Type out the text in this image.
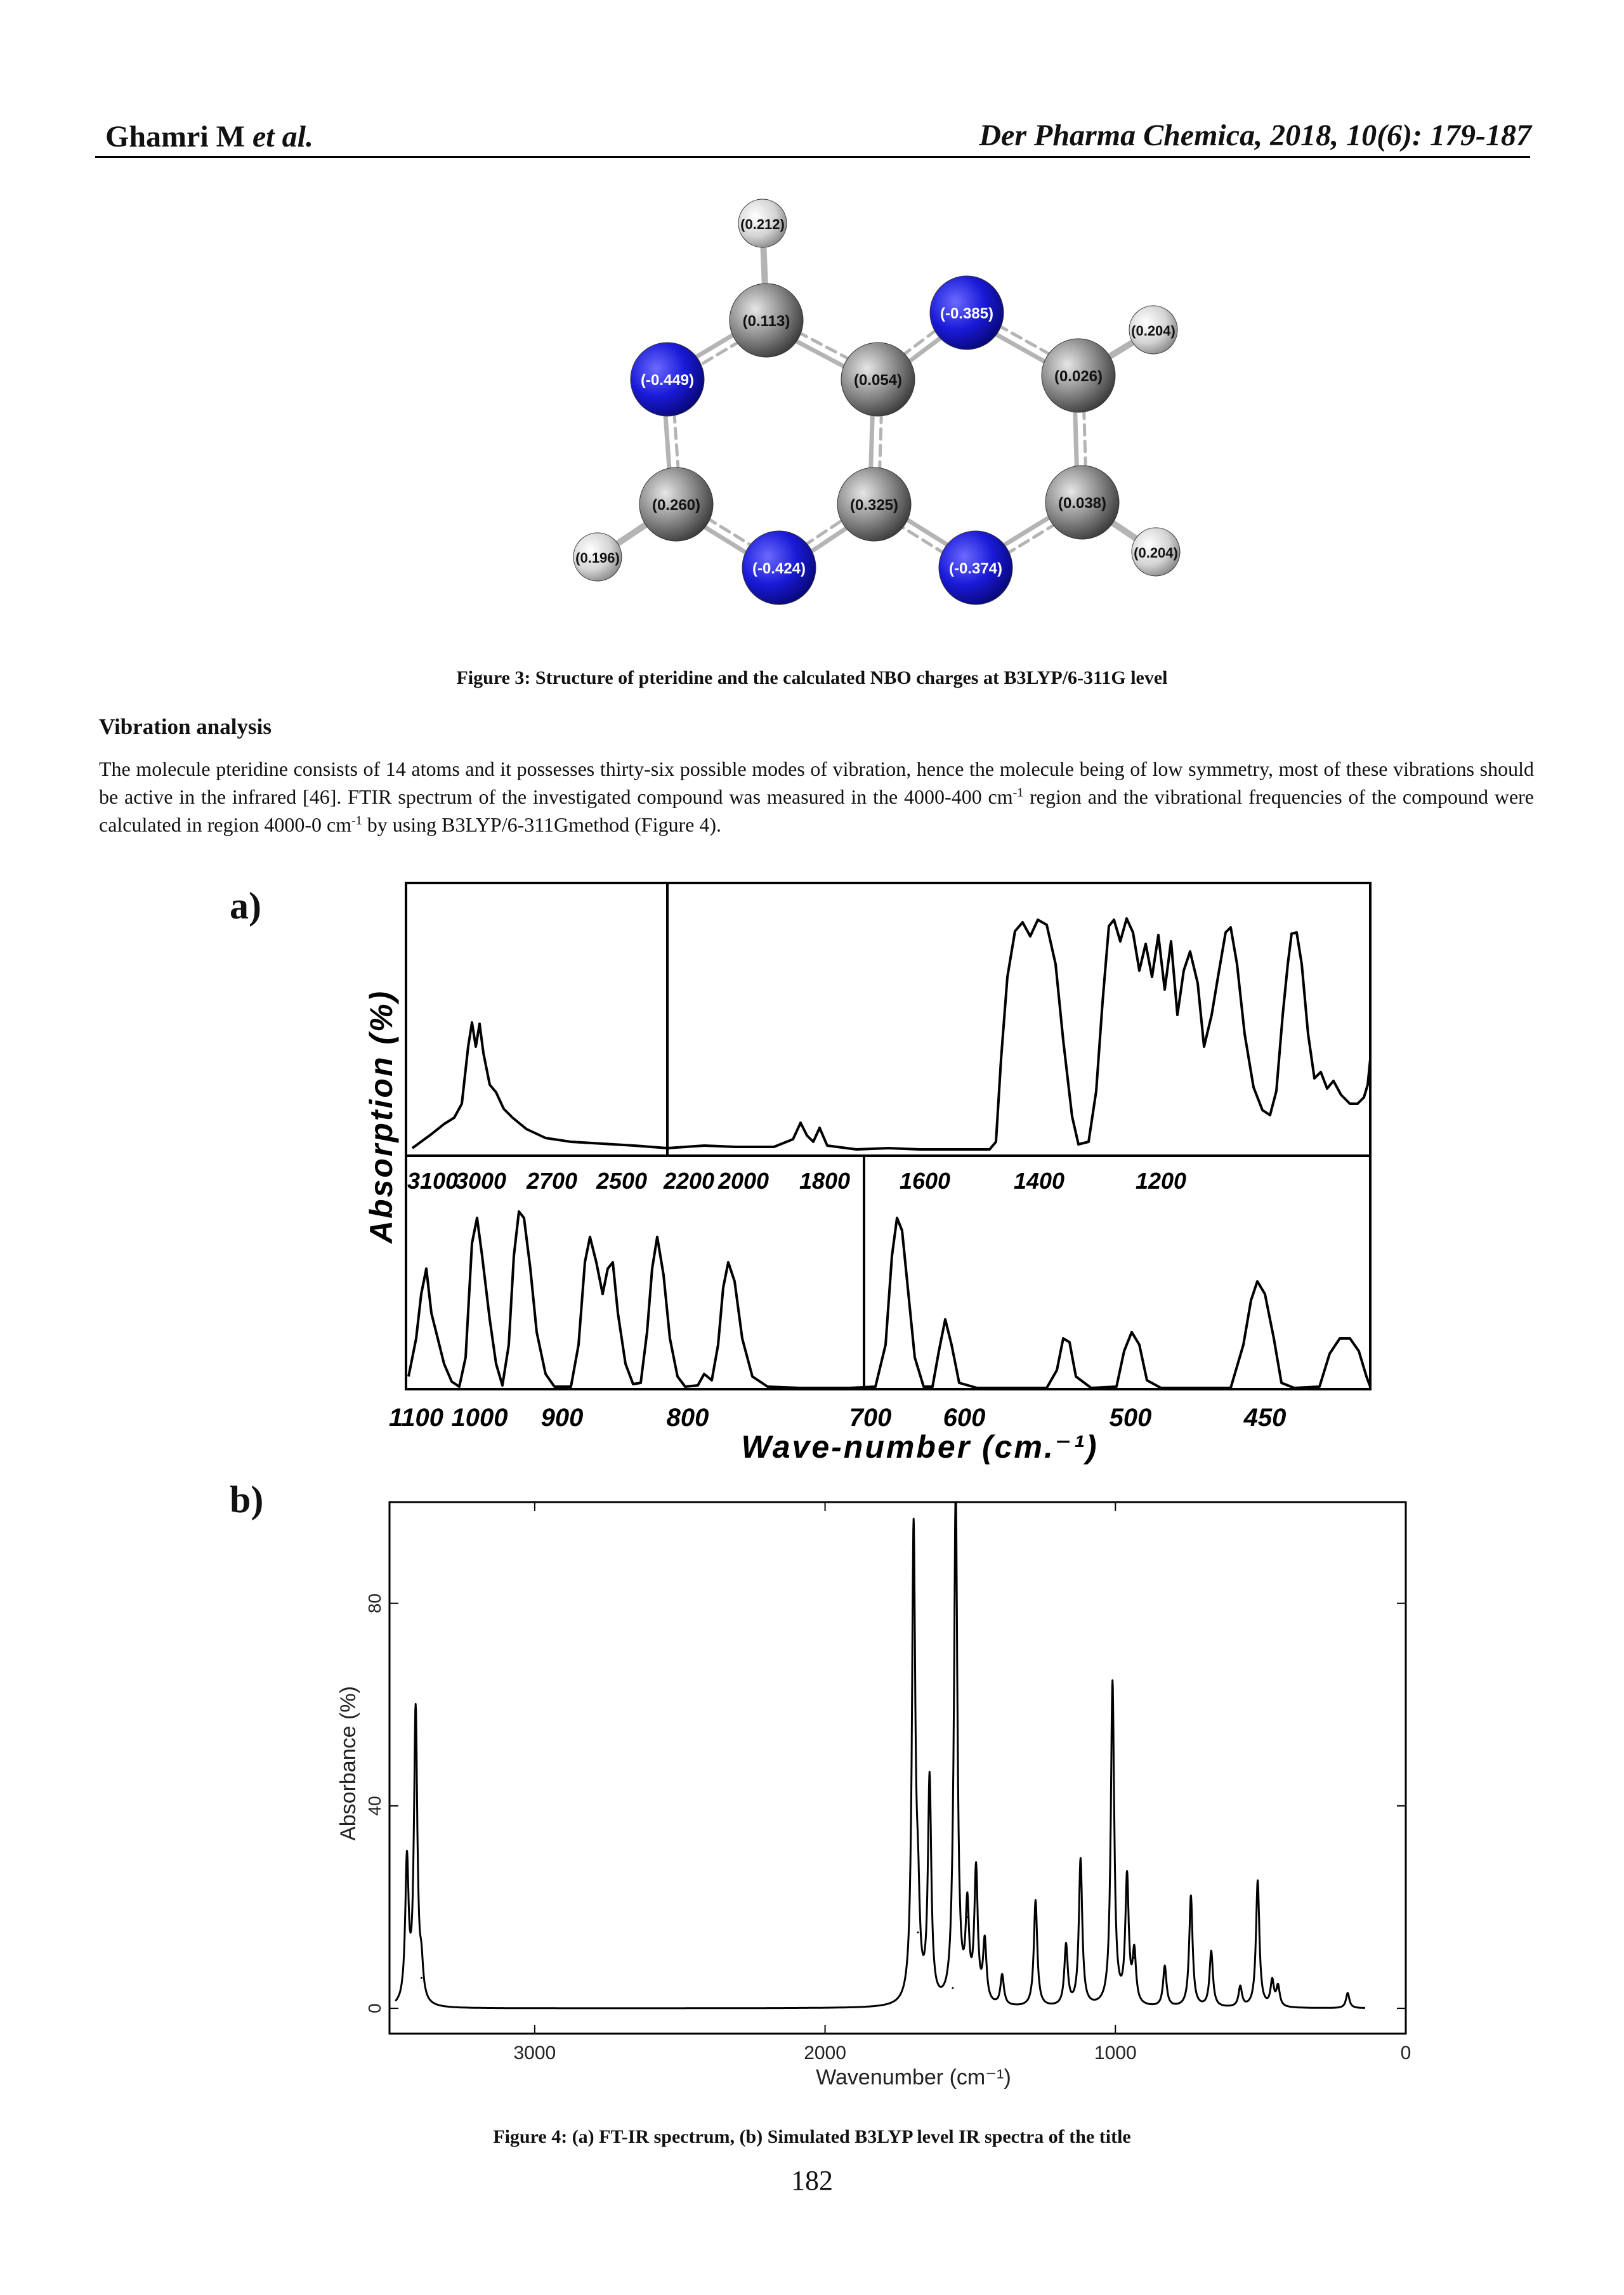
Ghamri M et al.	Der Pharma Chemica, 2018, 10(6): 179-187
(0.212)
(0.113)	(-0.385)
(0.204)
(-0.449)	(0.054)	(0.026)
(0.260)	(0.325)	(0.038)
(0.196)
(-0.424)	(-0.374)
(0.204)
Figure 3: Structure of pteridine and the calculated NBO charges at B3LYP/6-311G level
Vibration analysis
The molecule pteridine consists of 14 atoms and it possesses thirty-six possible modes of vibration, hence the molecule being of low symmetry, most of these vibrations should be active in the infrared [46]. FTIR spectrum of the investigated compound was measured in the 4000-400 $cm^{-1}$ region and the vibrational frequencies of the compound were calculated in region 4000-0 $cm^{-1}$ by using B3LYP/6-311Gmethod (Figure 4).
a)
b)
3100
3000 2700 2500 2200 2000 1800 1600	1400	1200
1100 1000 900	800	700 600	500	450
Absorption (%)
Wave-number (cm.⁻¹)
0
40
80
3000	2000	1000	0
Absorbance (%)
Wavenumber (cm⁻¹)
Figure 4: (a) FT-IR spectrum, (b) Simulated B3LYP level IR spectra of the title
182
